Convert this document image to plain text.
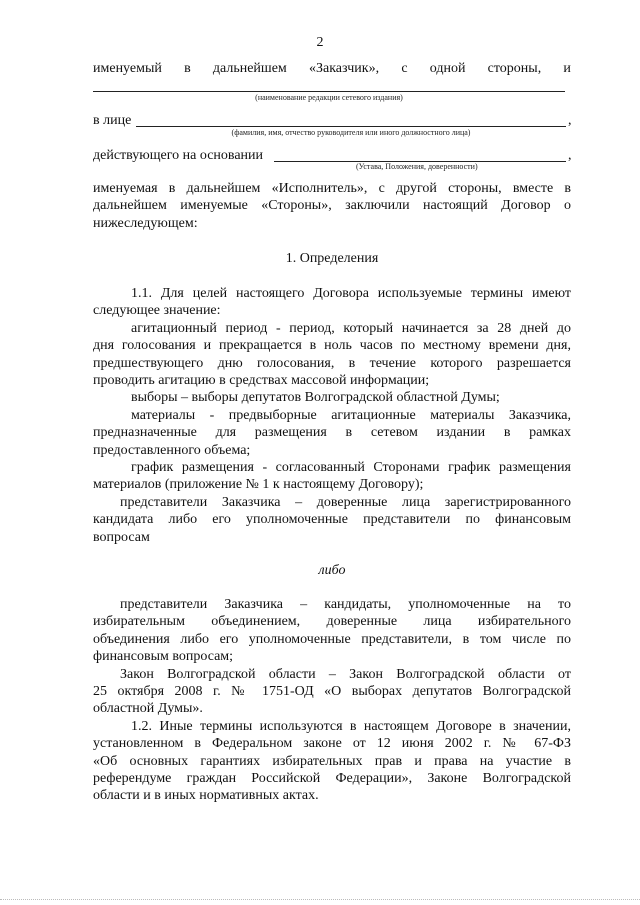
2
именуемый в дальнейшем «Заказчик», с одной стороны, и
(наименование редакции сетевого издания)
в лице	,
(фамилия, имя, отчество руководителя или иного должностного лица)
действующего на основании	,
(Устава, Положения, доверенности)
именуемая в дальнейшем «Исполнитель», с другой стороны, вместе в
дальнейшем именуемые «Стороны», заключили настоящий Договор о
нижеследующем:
1. Определения
1.1. Для целей настоящего Договора используемые термины имеют
следующее значение:
агитационный период - период, который начинается за 28 дней до
дня голосования и прекращается в ноль часов по местному времени дня,
предшествующего дню голосования, в течение которого разрешается
проводить агитацию в средствах массовой информации;
выборы – выборы депутатов Волгоградской областной Думы;
материалы - предвыборные агитационные материалы Заказчика,
предназначенные для размещения в сетевом издании в рамках
предоставленного объема;
график размещения - согласованный Сторонами график размещения
материалов (приложение № 1 к настоящему Договору);
представители Заказчика – доверенные лица зарегистрированного
кандидата либо его уполномоченные представители по финансовым
вопросам
либо
представители Заказчика – кандидаты, уполномоченные на то
избирательным объединением, доверенные лица избирательного
объединения либо его уполномоченные представители, в том числе по
финансовым вопросам;
Закон Волгоградской области – Закон Волгоградской области от
25 октября 2008 г. № 1751-ОД «О выборах депутатов Волгоградской
областной Думы».
1.2. Иные термины используются в настоящем Договоре в значении,
установленном в Федеральном законе от 12 июня 2002 г. № 67-ФЗ
«Об основных гарантиях избирательных прав и права на участие в
референдуме граждан Российской Федерации», Законе Волгоградской
области и в иных нормативных актах.
